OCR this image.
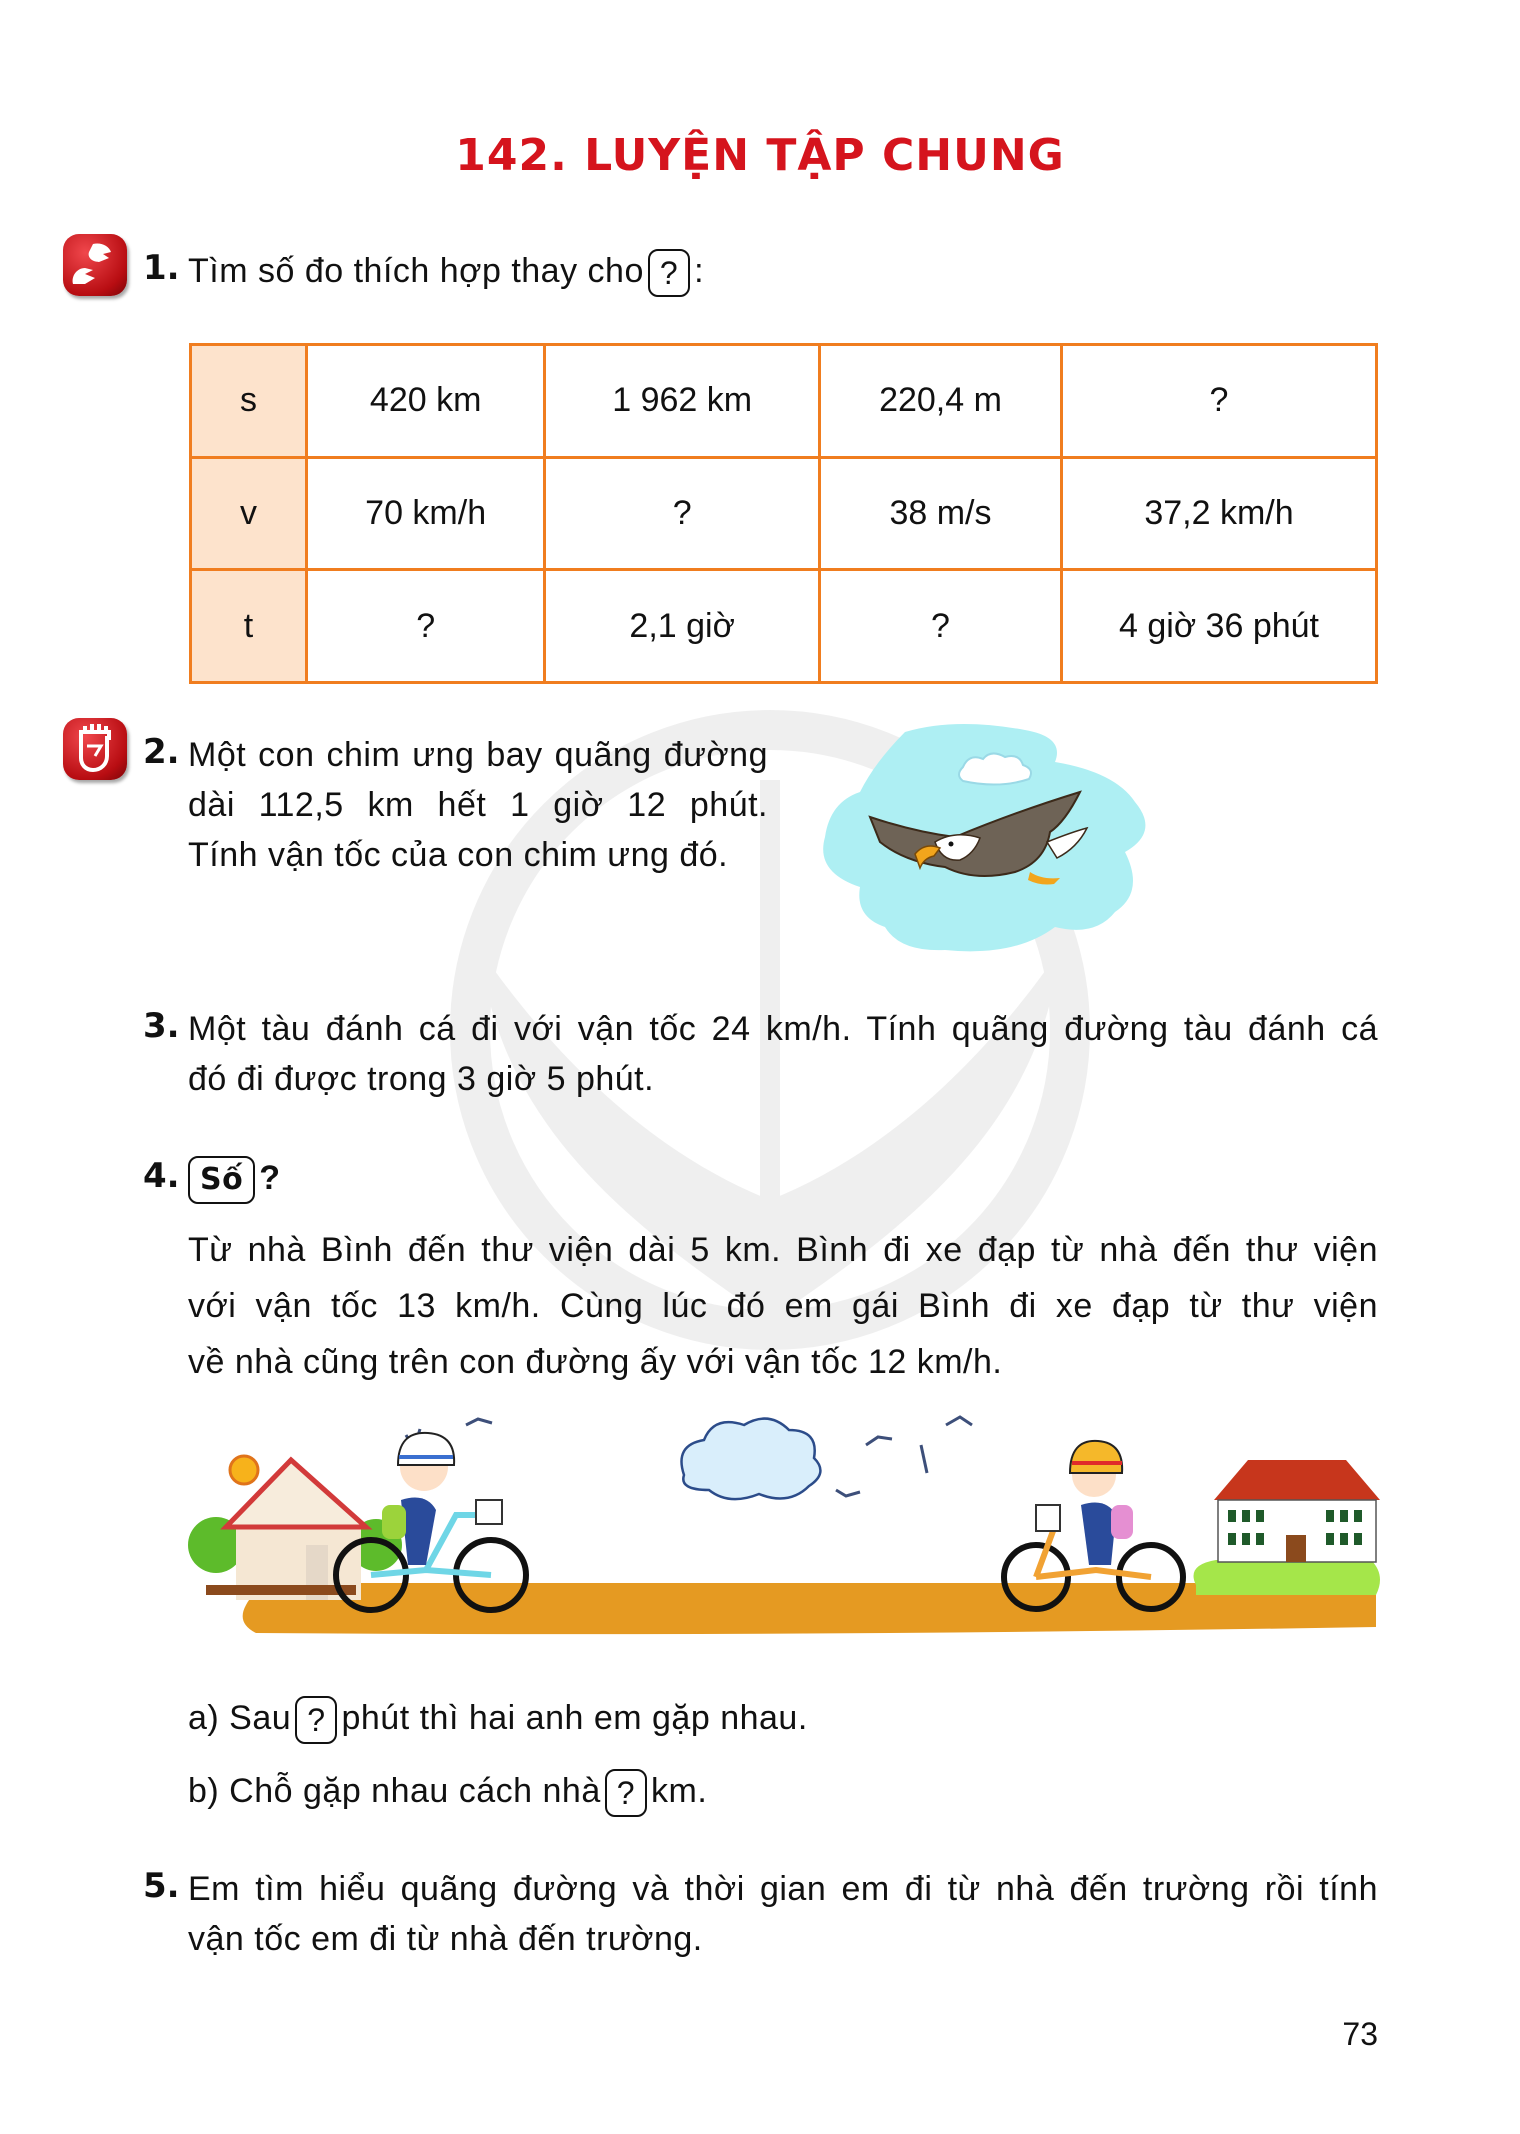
142. LUYỆN TẬP CHUNG
1. Tìm số đo thích hợp thay cho ? :
s	420 km	1 962 km	220,4 m	?
v	70 km/h	?	38 m/s	37,2 km/h
t	?	2,1 giờ	?	4 giờ 36 phút
2. Một con chim ưng bay quãng đường
dài 112,5 km hết 1 giờ 12 phút.
Tính vận tốc của con chim ưng đó.
3. Một tàu đánh cá đi với vận tốc 24 km/h. Tính quãng đường tàu đánh cá
đó đi được trong 3 giờ 5 phút.
4. Số ?
Từ nhà Bình đến thư viện dài 5 km. Bình đi xe đạp từ nhà đến thư viện
với vận tốc 13 km/h. Cùng lúc đó em gái Bình đi xe đạp từ thư viện
về nhà cũng trên con đường ấy với vận tốc 12 km/h.
a) Sau ? phút thì hai anh em gặp nhau.
b) Chỗ gặp nhau cách nhà ? km.
5. Em tìm hiểu quãng đường và thời gian em đi từ nhà đến trường rồi tính
vận tốc em đi từ nhà đến trường.
73
